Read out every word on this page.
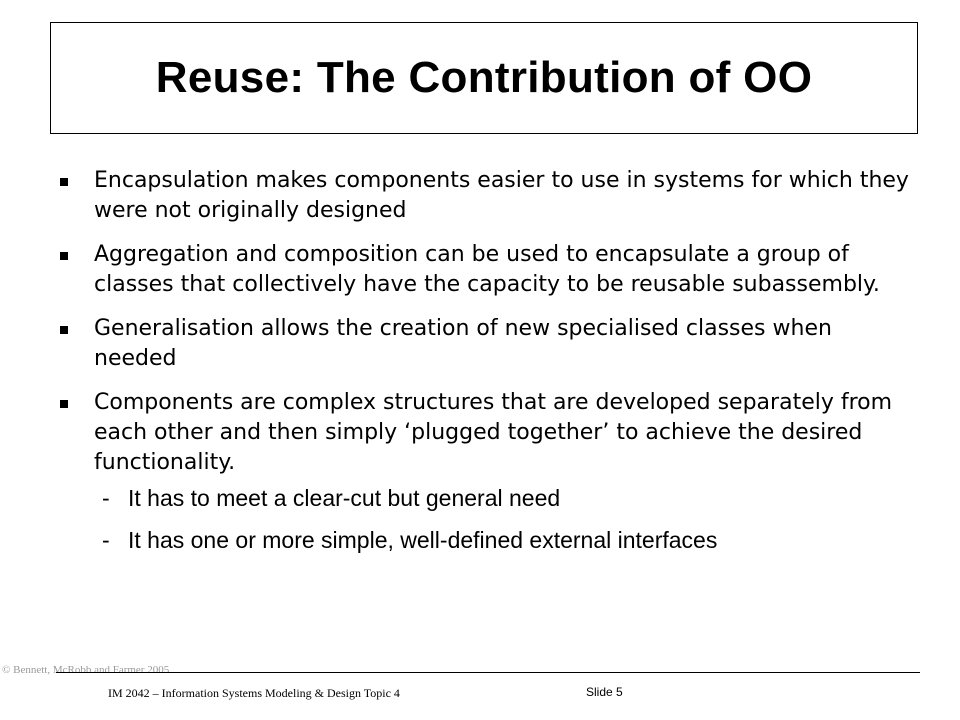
Reuse: The Contribution of OO
Encapsulation makes components easier to use in systems for which they were not originally designed
Aggregation and composition can be used to encapsulate a group of classes that collectively have the capacity to be reusable subassembly.
Generalisation allows the creation of new specialised classes when needed
Components are complex structures that are developed separately from each other and then simply ‘plugged together’ to achieve the desired functionality.
- It has to meet a clear-cut but general need
- It has one or more simple, well-defined external interfaces
© Bennett, McRobb and Farmer 2005
IM 2042 – Information Systems Modeling & Design Topic 4	Slide 5
